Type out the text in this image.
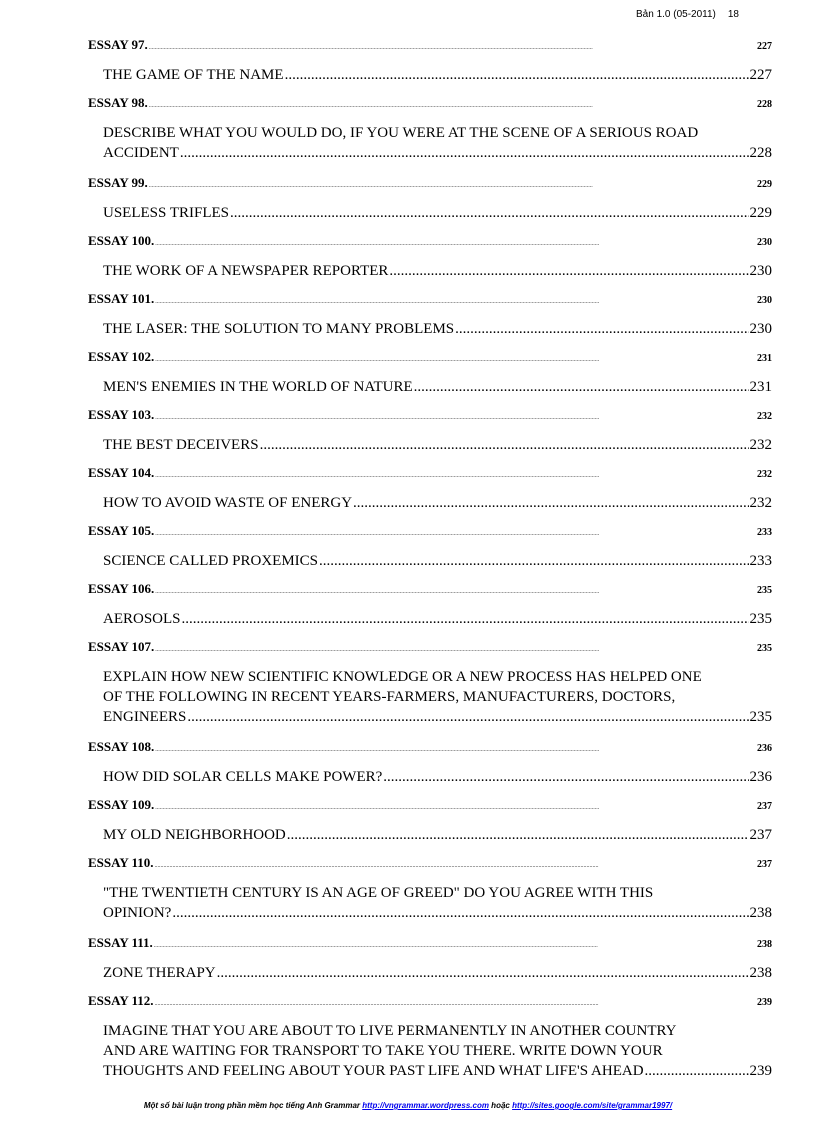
Bản 1.0 (05-2011) 18
ESSAY 97. .....	227
THE GAME OF THE NAME .....	227
ESSAY 98. .....	228
DESCRIBE WHAT YOU WOULD DO, IF YOU WERE AT THE SCENE OF A SERIOUS ROAD
ACCIDENT .....	228
ESSAY 99. .....	229
USELESS TRIFLES .....	229
ESSAY 100. .....	230
THE WORK OF A NEWSPAPER REPORTER .....	230
ESSAY 101. .....	230
THE LASER: THE SOLUTION TO MANY PROBLEMS .....	230
ESSAY 102. .....	231
MEN'S ENEMIES IN THE WORLD OF NATURE .....	231
ESSAY 103. .....	232
THE BEST DECEIVERS .....	232
ESSAY 104. .....	232
HOW TO AVOID WASTE OF ENERGY .....	232
ESSAY 105. .....	233
SCIENCE CALLED PROXEMICS .....	233
ESSAY 106. .....	235
AEROSOLS .....	235
ESSAY 107. .....	235
EXPLAIN HOW NEW SCIENTIFIC KNOWLEDGE OR A NEW PROCESS HAS HELPED ONE
OF THE FOLLOWING IN RECENT YEARS-FARMERS, MANUFACTURERS, DOCTORS,
ENGINEERS .....	235
ESSAY 108. .....	236
HOW DID SOLAR CELLS MAKE POWER? .....	236
ESSAY 109. .....	237
MY OLD NEIGHBORHOOD .....	237
ESSAY 110. .....	237
"THE TWENTIETH CENTURY IS AN AGE OF GREED" DO YOU AGREE WITH THIS
OPINION? .....	238
ESSAY 111. .....	238
ZONE THERAPY .....	238
ESSAY 112. .....	239
IMAGINE THAT YOU ARE ABOUT TO LIVE PERMANENTLY IN ANOTHER COUNTRY
AND ARE WAITING FOR TRANSPORT TO TAKE YOU THERE. WRITE DOWN YOUR
THOUGHTS AND FEELING ABOUT YOUR PAST LIFE AND WHAT LIFE'S AHEAD .....	239
Một số bài luận trong phần mềm học tiếng Anh Grammar http://vngrammar.wordpress.com hoặc http://sites.google.com/site/grammar1997/
